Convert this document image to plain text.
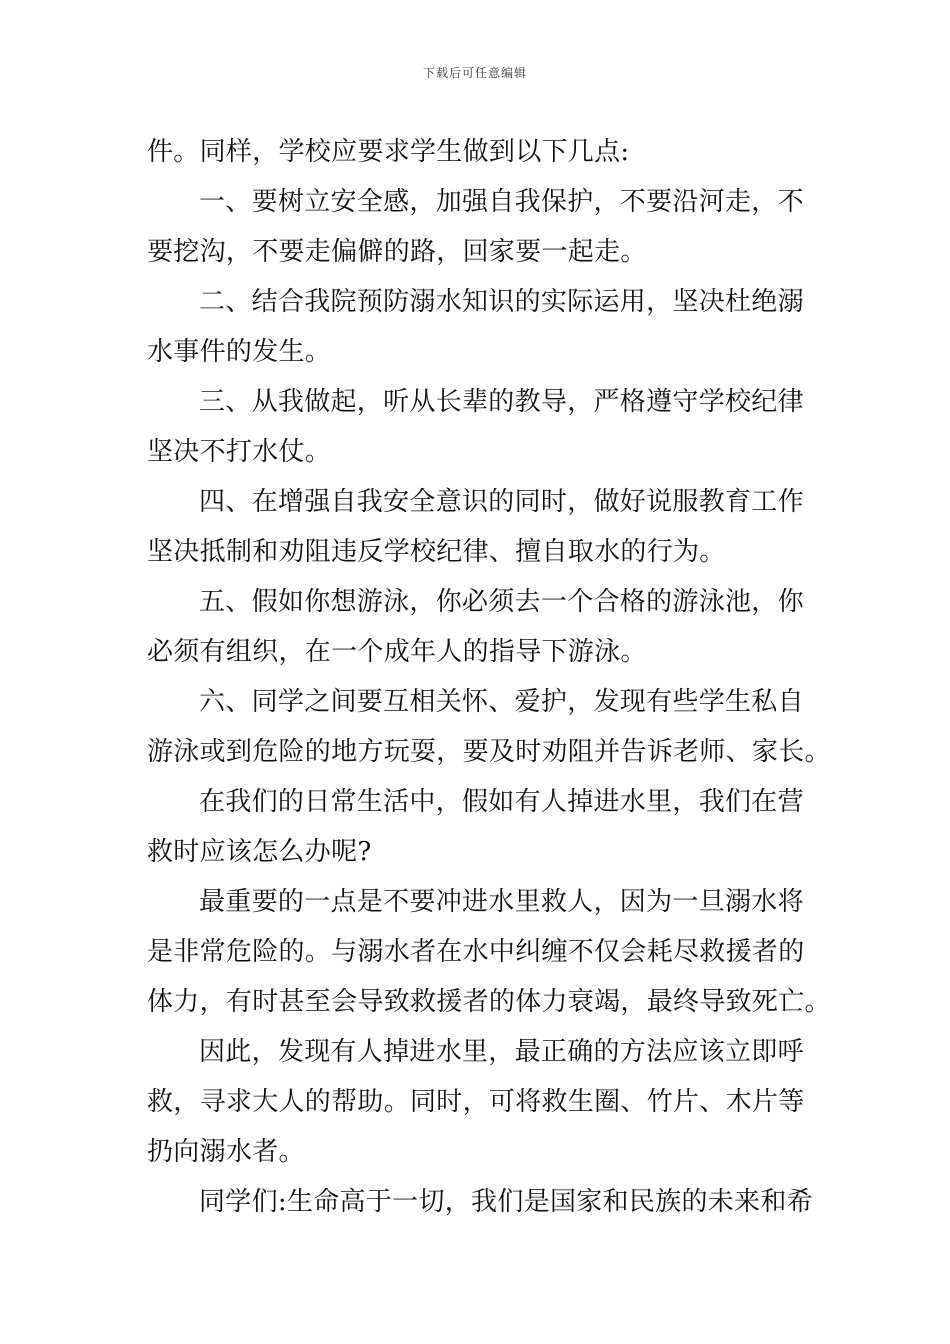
下载后可任意编辑
件。同样，学校应要求学生做到以下几点:
一、要树立安全感，加强自我保护，不要沿河走，不
要挖沟，不要走偏僻的路，回家要一起走。
二、结合我院预防溺水知识的实际运用，坚决杜绝溺
水事件的发生。
三、从我做起，听从长辈的教导，严格遵守学校纪律
坚决不打水仗。
四、在增强自我安全意识的同时，做好说服教育工作
坚决抵制和劝阻违反学校纪律、擅自取水的行为。
五、假如你想游泳，你必须去一个合格的游泳池，你
必须有组织，在一个成年人的指导下游泳。
六、同学之间要互相关怀、爱护，发现有些学生私自
游泳或到危险的地方玩耍，要及时劝阻并告诉老师、家长。
在我们的日常生活中，假如有人掉进水里，我们在营
救时应该怎么办呢?
最重要的一点是不要冲进水里救人，因为一旦溺水将
是非常危险的。与溺水者在水中纠缠不仅会耗尽救援者的
体力，有时甚至会导致救援者的体力衰竭，最终导致死亡。
因此，发现有人掉进水里，最正确的方法应该立即呼
救，寻求大人的帮助。同时，可将救生圈、竹片、木片等
扔向溺水者。
同学们:生命高于一切，我们是国家和民族的未来和希
